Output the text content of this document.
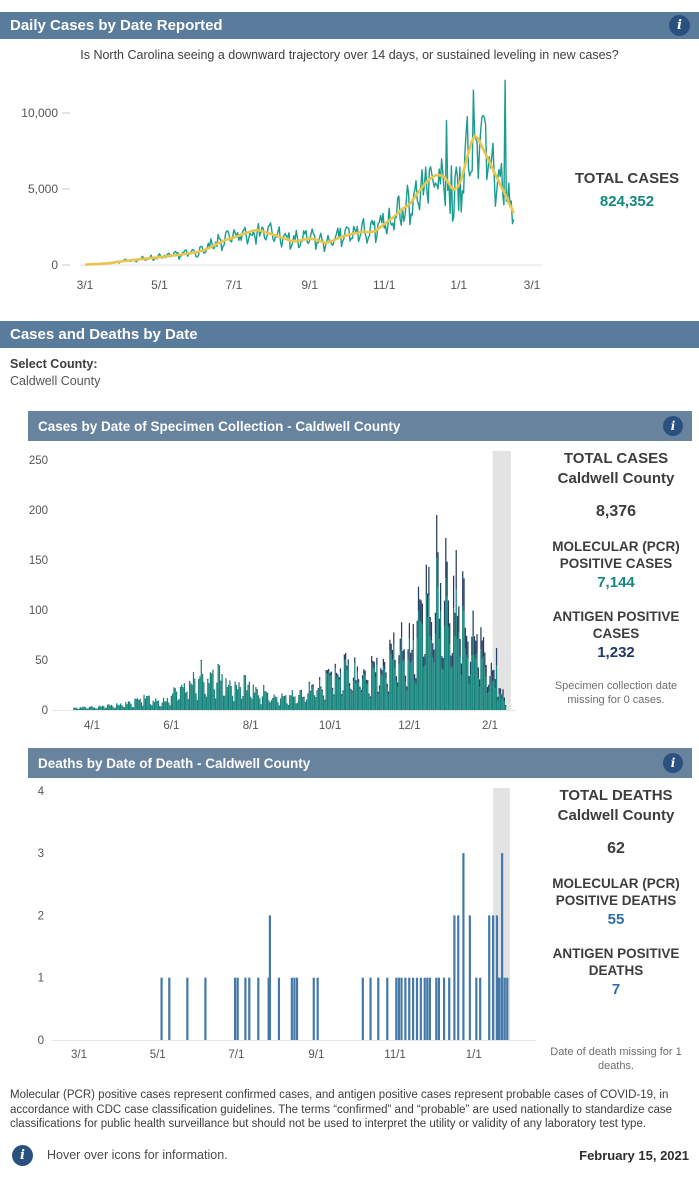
Daily Cases by Date Reported	i

Is North Carolina seeing a downward trajectory over 14 days, or sustained leveling in new cases?

0
5,000
10,000
3/1	5/1	7/1	9/1	11/1	1/1	3/1
TOTAL CASES
824,352
Cases and Deaths by Date
Select County:
Caldwell County
Cases by Date of Specimen Collection - Caldwell County	i
0
50
100
150
200
250
4/1	6/1	8/1	10/1	12/1	2/1
TOTAL CASES
Caldwell County
8,376
MOLECULAR (PCR) POSITIVE CASES
7,144
ANTIGEN POSITIVE CASES
1,232
Specimen collection date missing for 0 cases.
Deaths by Date of Death - Caldwell County	i
0
1
2
3
4
3/1	5/1	7/1	9/1	11/1	1/1
TOTAL DEATHS
Caldwell County
62
MOLECULAR (PCR) POSITIVE DEATHS
55
ANTIGEN POSITIVE DEATHS
7
Date of death missing for 1 deaths.

Molecular (PCR) positive cases represent confirmed cases, and antigen positive cases represent probable cases of COVID-19, in accordance with CDC case classification guidelines. The terms “confirmed” and “probable” are used nationally to standardize case classifications for public health surveillance but should not be used to interpret the utility or validity of any laboratory test type.

i	Hover over icons for information.	February 15, 2021
